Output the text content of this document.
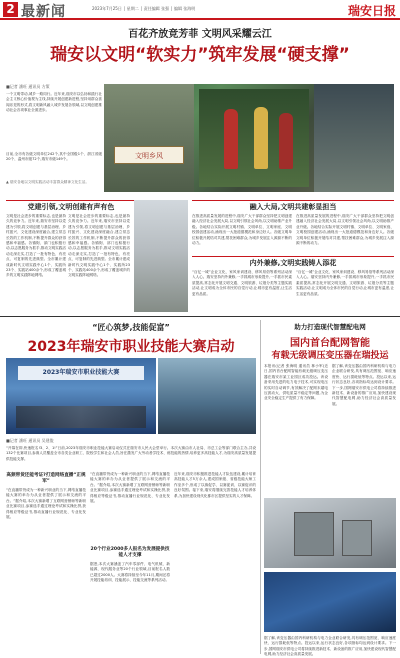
2 最新闻	2023年7月25日 │ 星期二 │ 责任编辑 张强 │ 编辑 张海明	瑞安日报
百花齐放竞芳菲 文明风采耀云江
瑞安以文明“软实力”筑牢发展“硬支撑”
■记者 潘旺 通讯员 方策
一个文明带动,城乡一路同行。近年来,瑞安市以弘扬和践行社会主义核心价值观为主线,持续开展创建新进程,坚持用群众喜闻乐见的形式,将文明新风融入城乡发展各领域,以文明创建推动社会各项事业全面进步。
目前,全市有各级文明单位242个,其中全国级1个、浙江省级20个、温州市级72个,瑞安市级149个。	文明乡风
▲ 瑞安各地以文明实践活动丰富群众精神文化生活。
党建引领,文明创建有声有色
文明是社会进步的重要标志,也是最持久的竞争力。近年来,瑞安市坚持以党建为引领,将文明创建与基层治理、乡村振兴、文化建设深度融合,建立常态长效的工作机制,不断提升群众的获得感和幸福感。各镇街、部门也积极行动,以志愿服务为抓手,推动文明实践活动走深走实,打造了一批有特色、有亮点、可复制的先进典型。全市累计建成新时代文明实践中心1个、实践所23个、实践站400余个,形成了覆盖城乡的文明实践阵地网络。
文明是社会进步的重要标志,也是最持久的竞争力。近年来,瑞安市坚持以党建为引领,将文明创建与基层治理、乡村振兴、文化建设深度融合,建立常态长效的工作机制,不断提升群众的获得感和幸福感。各镇街、部门也积极行动,以志愿服务为抓手,推动文明实践活动走深走实,打造了一批有特色、有亮点、可复制的先进典型。全市累计建成新时代文明实践中心1个、实践所23个、实践站400余个,形成了覆盖城乡的文明实践阵地网络。
融入大局,文明共建彰显担当
在推进高质量发展的进程中,瑞安广大干部群众坚持把文明创建融入经济社会发展大局,以文明引领社会风尚,以文明助推产业升级。各地结合实际开展文明村镇、文明单位、文明家庭、文明校园创建活动,涌现出一大批道德模范和身边好人。各级文明单位积极开展结对共建,帮扶困难群众,为城乡发展注入源源不断的动力。
在推进高质量发展的进程中,瑞安广大干部群众坚持把文明创建融入经济社会发展大局,以文明引领社会风尚,以文明助推产业升级。各地结合实际开展文明村镇、文明单位、文明家庭、文明校园创建活动,涌现出一大批道德模范和身边好人。各级文明单位积极开展结对共建,帮扶困难群众,为城乡发展注入源源不断的动力。
内外兼修,文明实践铸人添花
“百亿一城”企业文化、家风家训建设、移风易俗等系列活动深入人心。瑞安坚持内外兼修,一手抓城市形象提升,一手抓市民素质提高,常态化开展文明交通、文明旅游、垃圾分类等主题实践活动,让文明成为全体市民的自觉行动,让城市更有温度,让生活更有品质。
“百亿一城”企业文化、家风家训建设、移风易俗等系列活动深入人心。瑞安坚持内外兼修,一手抓城市形象提升,一手抓市民素质提高,常态化开展文明交通、文明旅游、垃圾分类等主题实践活动,让文明成为全体市民的自觉行动,让城市更有温度,让生活更有品质。
“匠心筑梦,技能促富”
2023年瑞安市职业技能大赛启动
2023年瑞安市职业技能大赛
■记者 潘旺 通讯员 吴建俊
“开幕在即,快速报名!3、2、1!”日前,2023年瑞安市职业技能大赛启动仪式在瑞安市人民大会堂举行。本次大赛由市人社局、市总工会等部门联合主办,共设132个比赛项目,参赛人员覆盖全市各类企业职工、院校学生和社会人员,旨在激发广大劳动者学技术、练技能的热情,培养更多高技能人才,为瑞安高质量发展提供技能支撑。
高频带货还能考证?打造网络直播“正规军”
“在直播带货成为一种新兴职业的当下,网络直播技能大赛的举办为从业者提供了展示和交流的平台。”据介绍,本次大赛新增了互联网营销师等新职业比赛项目,参赛选手通过理论考试和实操比拼,获得相应等级证书,推动直播行业规范化、专业化发展。
“在直播带货成为一种新兴职业的当下,网络直播技能大赛的举办为从业者提供了展示和交流的平台。”据介绍,本次大赛新增了互联网营销师等新职业比赛项目,参赛选手通过理论考试和实操比拼,获得相应等级证书,推动直播行业规范化、专业化发展。
20个行业2000多人报名为发展提供技能人才支撑
据悉,本次大赛涵盖了汽车零部件、电气机械、新能源、现代服务业等20个行业领域,目前报名人数已超过2000人。大赛将持续至今年11月,期间还将开展技能培训、技能展示、技能交流等系列活动。
近年来,瑞安市积极推进技能人才队伍建设,累计培育高技能人才5万余人,建成国家级、省级技能大师工作室多个,形成了以赛促学、以赛促训、以赛促评的良好氛围。接下来,瑞安将继续完善技能人才培养体系,为加快建设现代化都市区提供坚实的人才保障。
助力打造现代智慧配电网
国内首台配网智能
有载无级调压变压器在瑞投运
本报讯(记者 张海明 通讯员 林小军)近日,国内首台配网智能有载无级调压变压器在瑞安市某工业园区成功投运。该设备采用先进的电力电子技术,可实现电压的实时自动调节,有效解决了配网末端电压波动大、供电质量不稳定等问题,为企业安全稳定生产提供了有力保障。
据了解,该变压器由国内科研机构与电力企业联合研发,具有调压范围宽、响应速度快、运行损耗低等特点。投运以来,运行状态良好,各项指标均达到设计要求。下一步,国网瑞安市供电公司将持续推进新技术、新设备的推广应用,加快建设现代智慧配电网,助力经济社会高质量发展。
据了解,该变压器由国内科研机构与电力企业联合研发,具有调压范围宽、响应速度快、运行损耗低等特点。投运以来,运行状态良好,各项指标均达到设计要求。下一步,国网瑞安市供电公司将持续推进新技术、新设备的推广应用,加快建设现代智慧配电网,助力经济社会高质量发展。
